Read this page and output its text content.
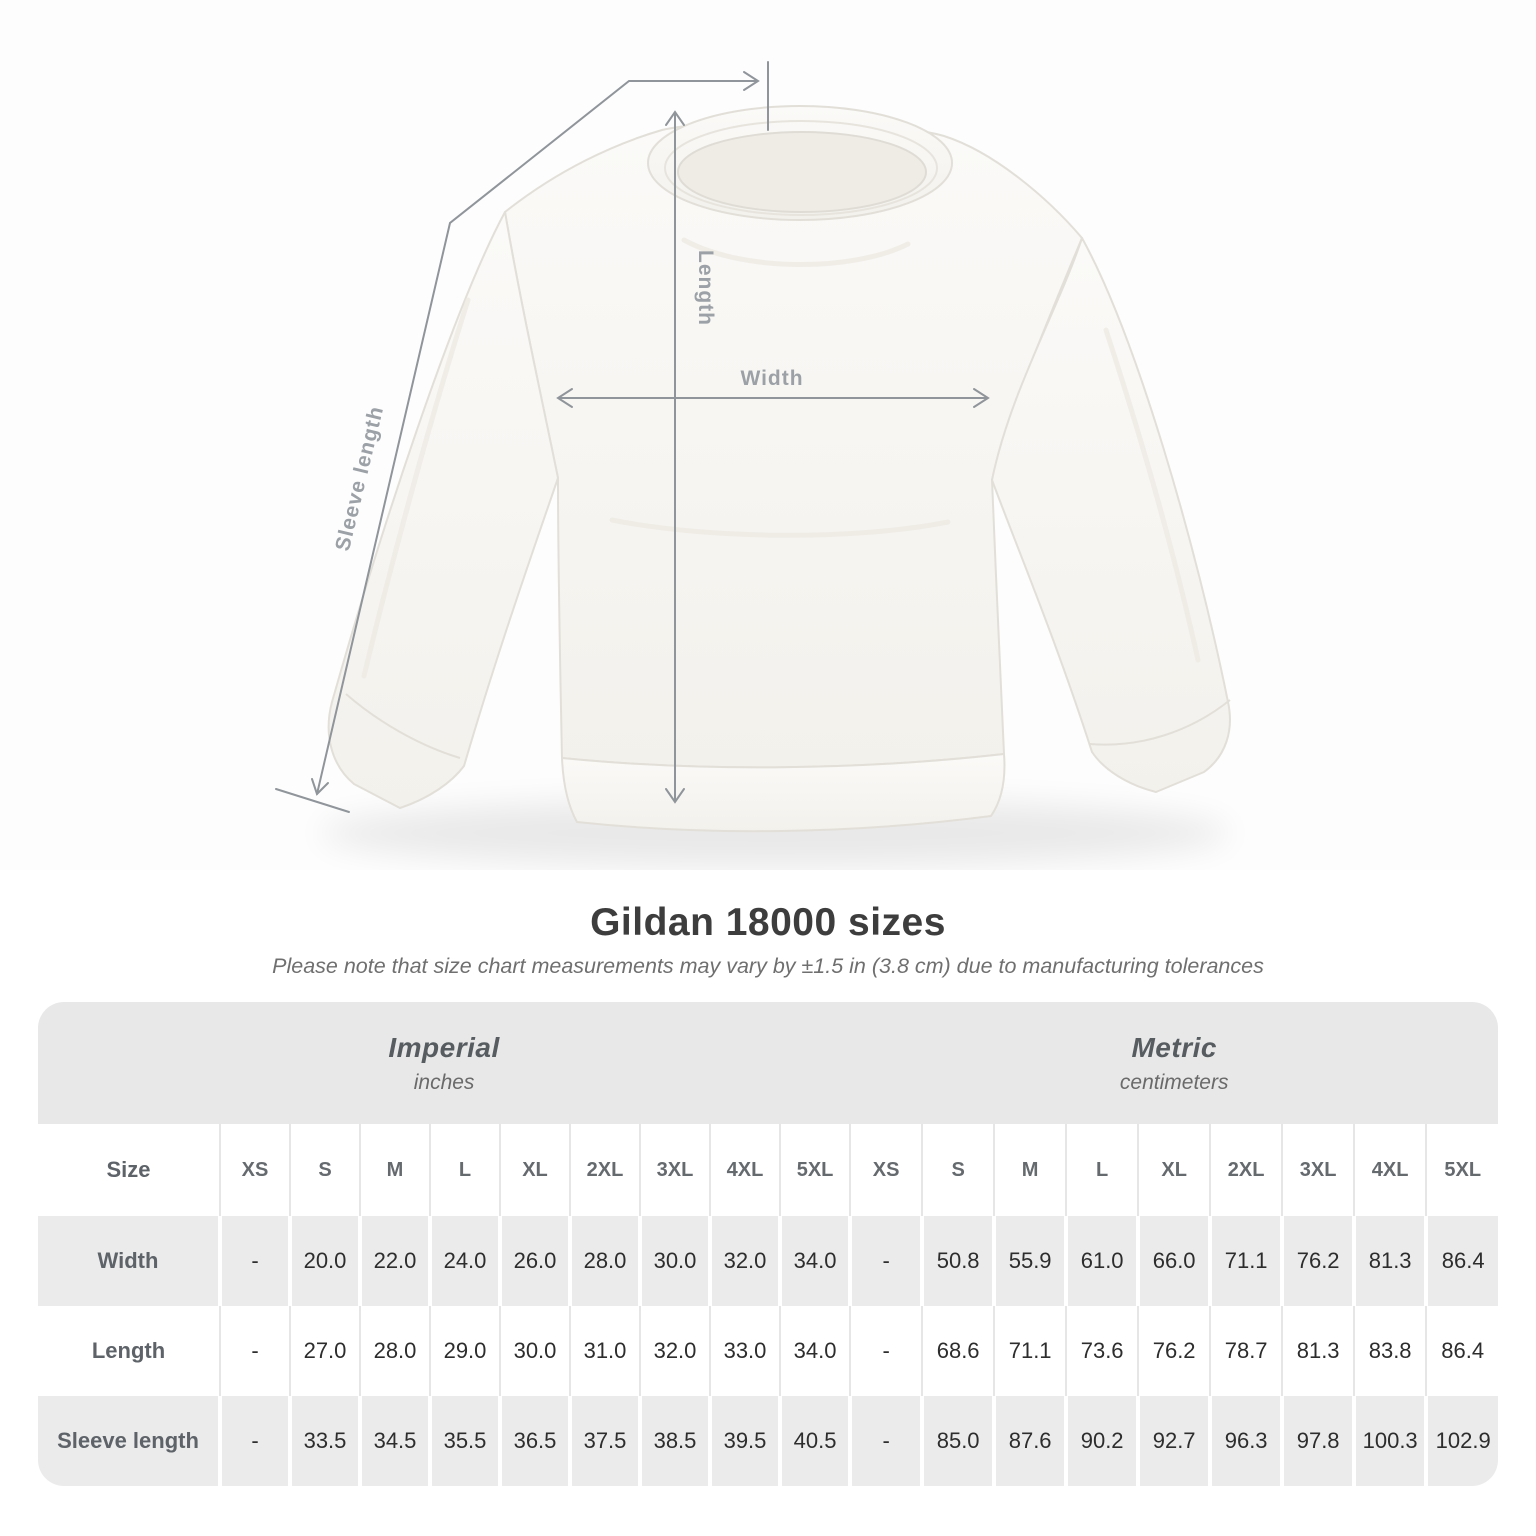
Length
Width
Sleeve length
Gildan 18000 sizes

Please note that size chart measurements may vary by ±1.5 in (3.8 cm) due to manufacturing tolerances

Imperial
inches

Metric
centimeters

Size	XS	S	M	L	XL	2XL	3XL	4XL	5XL	XS	S	M	L	XL	2XL	3XL	4XL	5XL
Width	-	20.0	22.0	24.0	26.0	28.0	30.0	32.0	34.0	-	50.8	55.9	61.0	66.0	71.1	76.2	81.3	86.4
Length	-	27.0	28.0	29.0	30.0	31.0	32.0	33.0	34.0	-	68.6	71.1	73.6	76.2	78.7	81.3	83.8	86.4
Sleeve length	-	33.5	34.5	35.5	36.5	37.5	38.5	39.5	40.5	-	85.0	87.6	90.2	92.7	96.3	97.8	100.3	102.9
